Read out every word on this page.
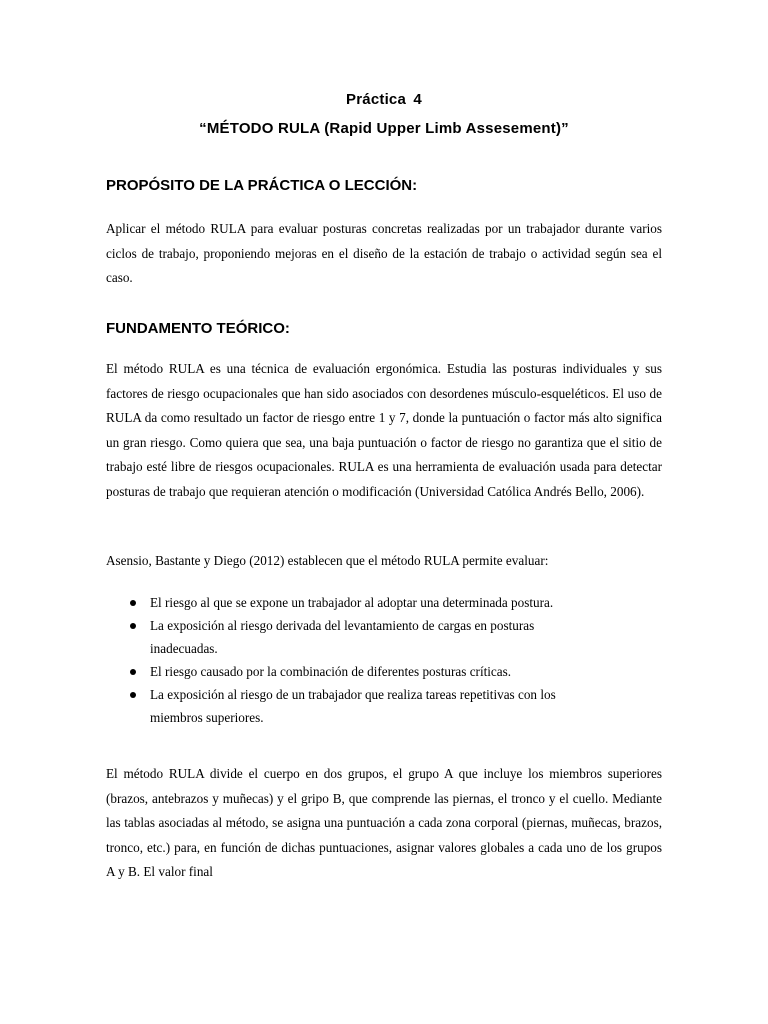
Práctica 4
“MÉTODO RULA (Rapid Upper Limb Assesement)”
PROPÓSITO DE LA PRÁCTICA O LECCIÓN:

Aplicar el método RULA para evaluar posturas concretas realizadas por un trabajador durante varios ciclos de trabajo, proponiendo mejoras en el diseño de la estación de trabajo o actividad según sea el caso.

FUNDAMENTO TEÓRICO:

El método RULA es una técnica de evaluación ergonómica. Estudia las posturas individuales y sus factores de riesgo ocupacionales que han sido asociados con desordenes músculo-esqueléticos. El uso de RULA da como resultado un factor de riesgo entre 1 y 7, donde la puntuación o factor más alto significa un gran riesgo. Como quiera que sea, una baja puntuación o factor de riesgo no garantiza que el sitio de trabajo esté libre de riesgos ocupacionales. RULA es una herramienta de evaluación usada para detectar posturas de trabajo que requieran atención o modificación (Universidad Católica Andrés Bello, 2006).

Asensio, Bastante y Diego (2012) establecen que el método RULA permite evaluar:

El riesgo al que se expone un trabajador al adoptar una determinada postura.
La exposición al riesgo derivada del levantamiento de cargas en posturas inadecuadas.
El riesgo causado por la combinación de diferentes posturas críticas.
La exposición al riesgo de un trabajador que realiza tareas repetitivas con los miembros superiores.

El método RULA divide el cuerpo en dos grupos, el grupo A que incluye los miembros superiores (brazos, antebrazos y muñecas) y el gripo B, que comprende las piernas, el tronco y el cuello. Mediante las tablas asociadas al método, se asigna una puntuación a cada zona corporal (piernas, muñecas, brazos, tronco, etc.) para, en función de dichas puntuaciones, asignar valores globales a cada uno de los grupos A y B. El valor final
